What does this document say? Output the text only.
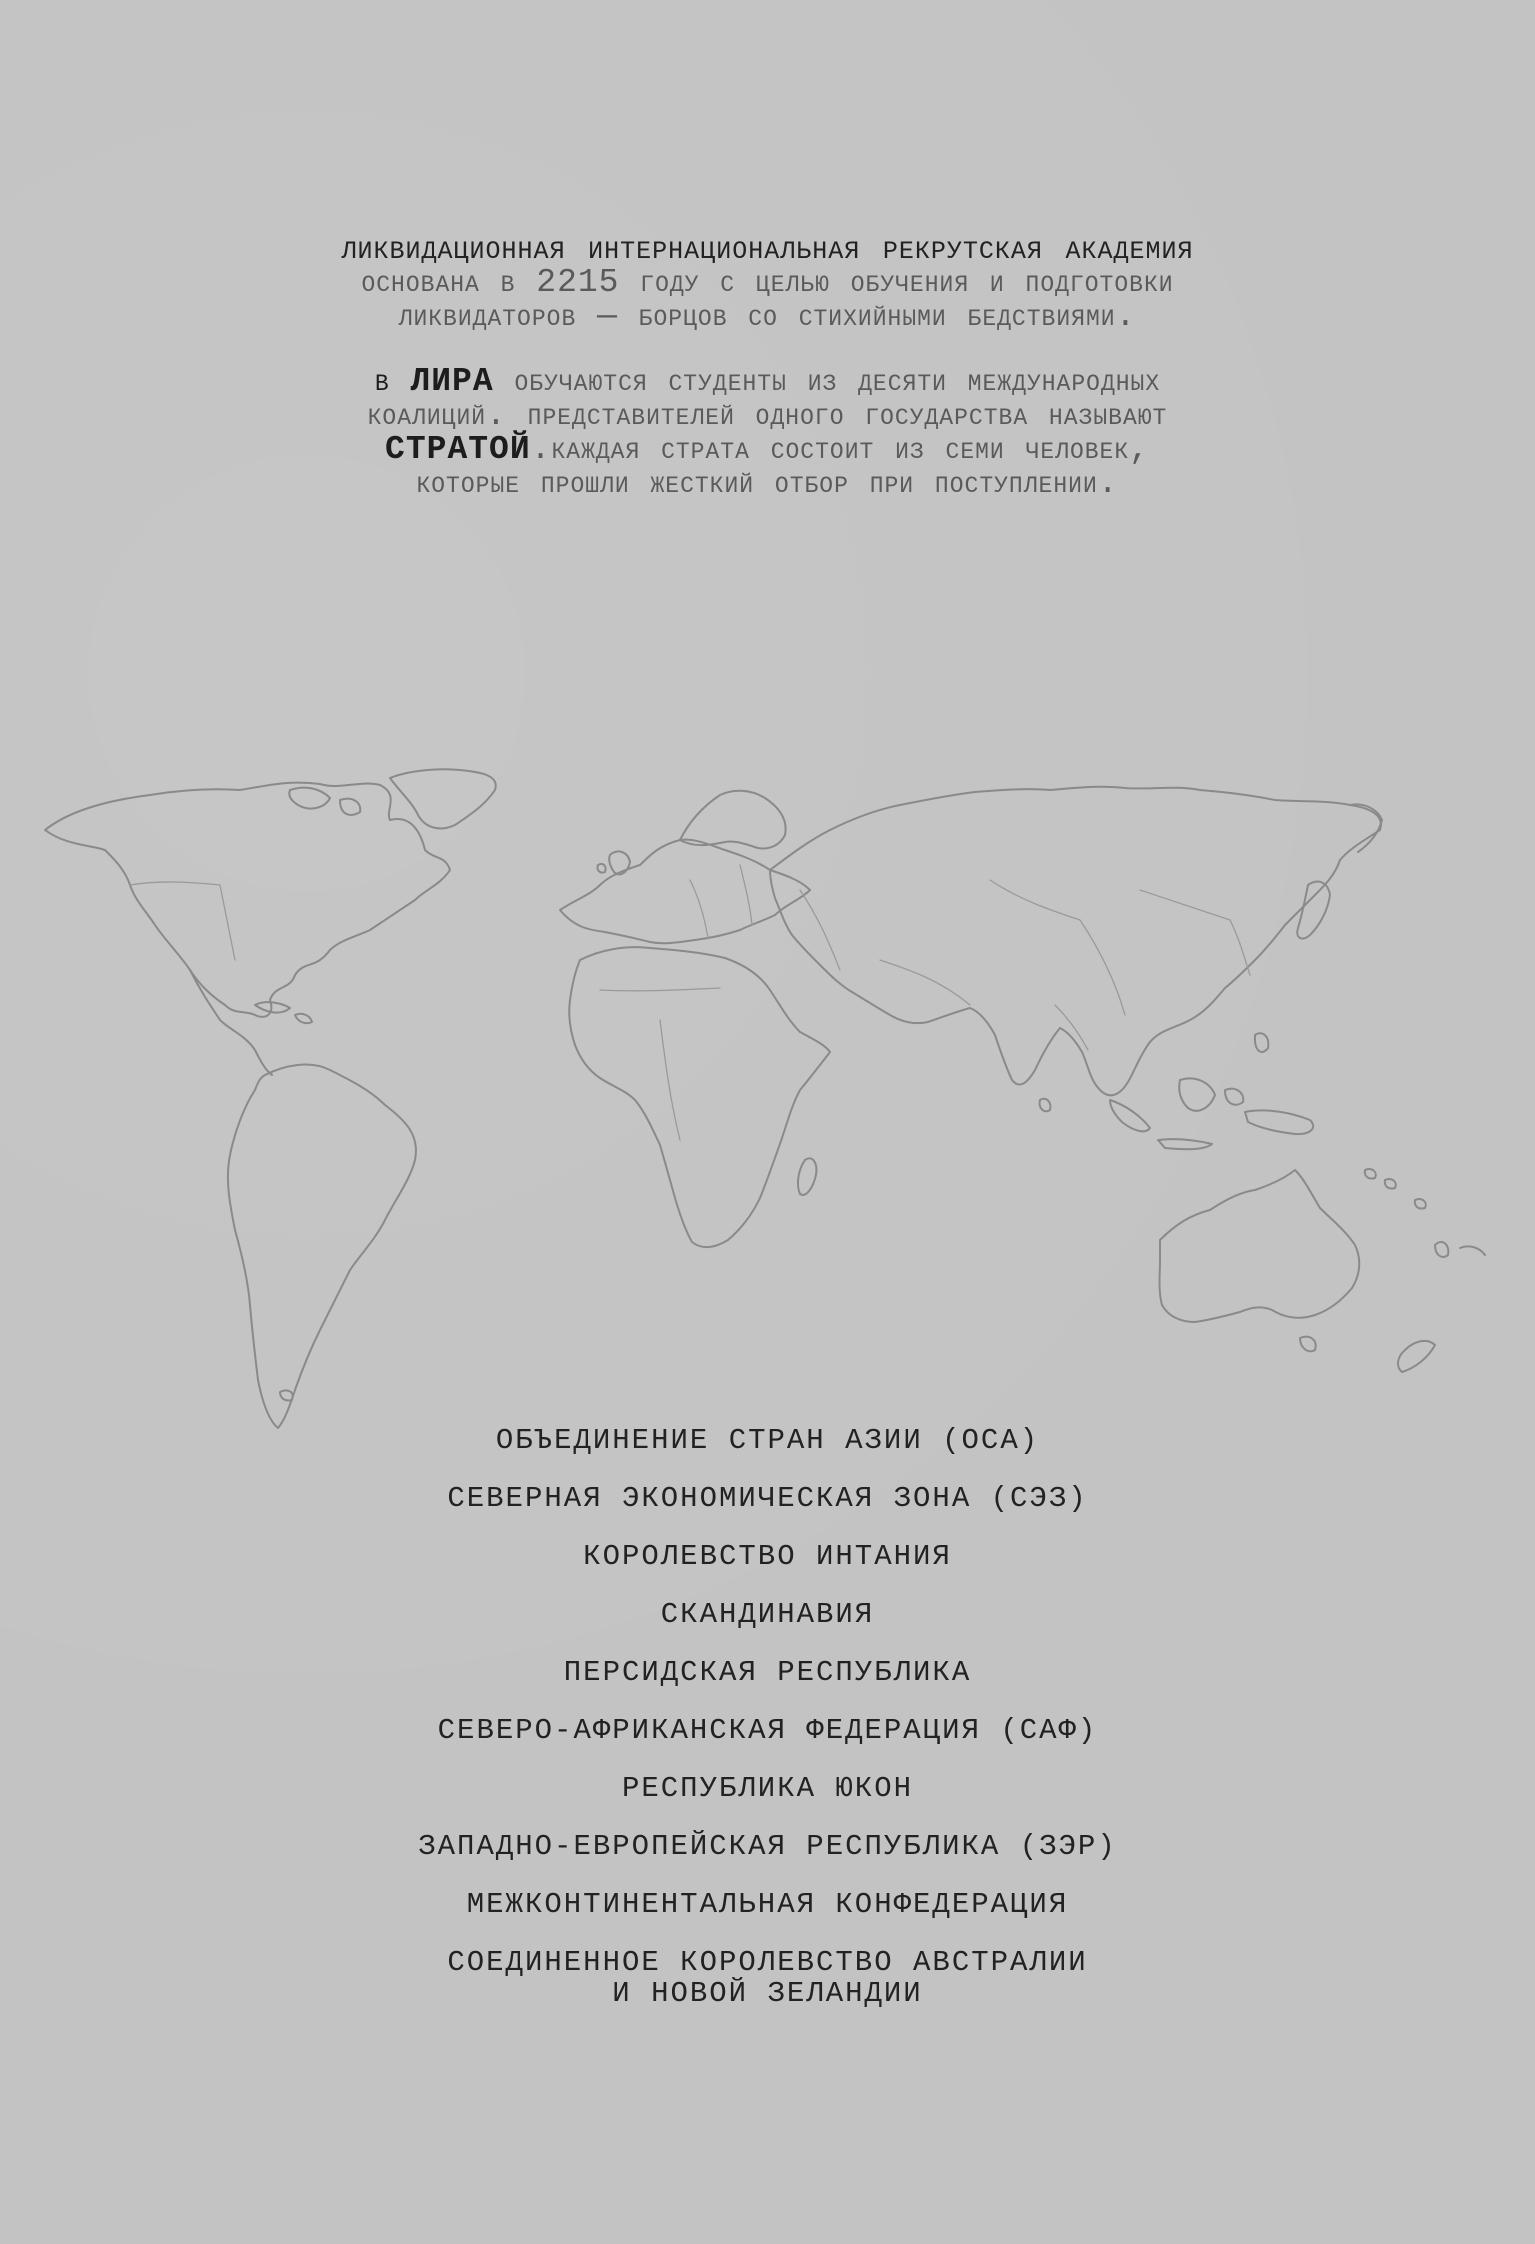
ликвидационная интернациональная рекрутская академия
основана в 2215 году с целью обучения и подготовки
ликвидаторов — борцов со стихийными бедствиями.
в ЛИРА обучаются студенты из десяти международных
коалиций. представителей одного государства называют
СТРАТОЙ.каждая страта состоит из семи человек,
которые прошли жесткий отбор при поступлении.
ОБЪЕДИНЕНИЕ СТРАН АЗИИ (ОСА)
СЕВЕРНАЯ ЭКОНОМИЧЕСКАЯ ЗОНА (СЭЗ)
КОРОЛЕВСТВО ИНТАНИЯ
СКАНДИНАВИЯ
ПЕРСИДСКАЯ РЕСПУБЛИКА
СЕВЕРО-АФРИКАНСКАЯ ФЕДЕРАЦИЯ (САФ)
РЕСПУБЛИКА ЮКОН
ЗАПАДНО-ЕВРОПЕЙСКАЯ РЕСПУБЛИКА (ЗЭР)
МЕЖКОНТИНЕНТАЛЬНАЯ КОНФЕДЕРАЦИЯ
СОЕДИНЕННОЕ КОРОЛЕВСТВО АВСТРАЛИИ
И НОВОЙ ЗЕЛАНДИИ
